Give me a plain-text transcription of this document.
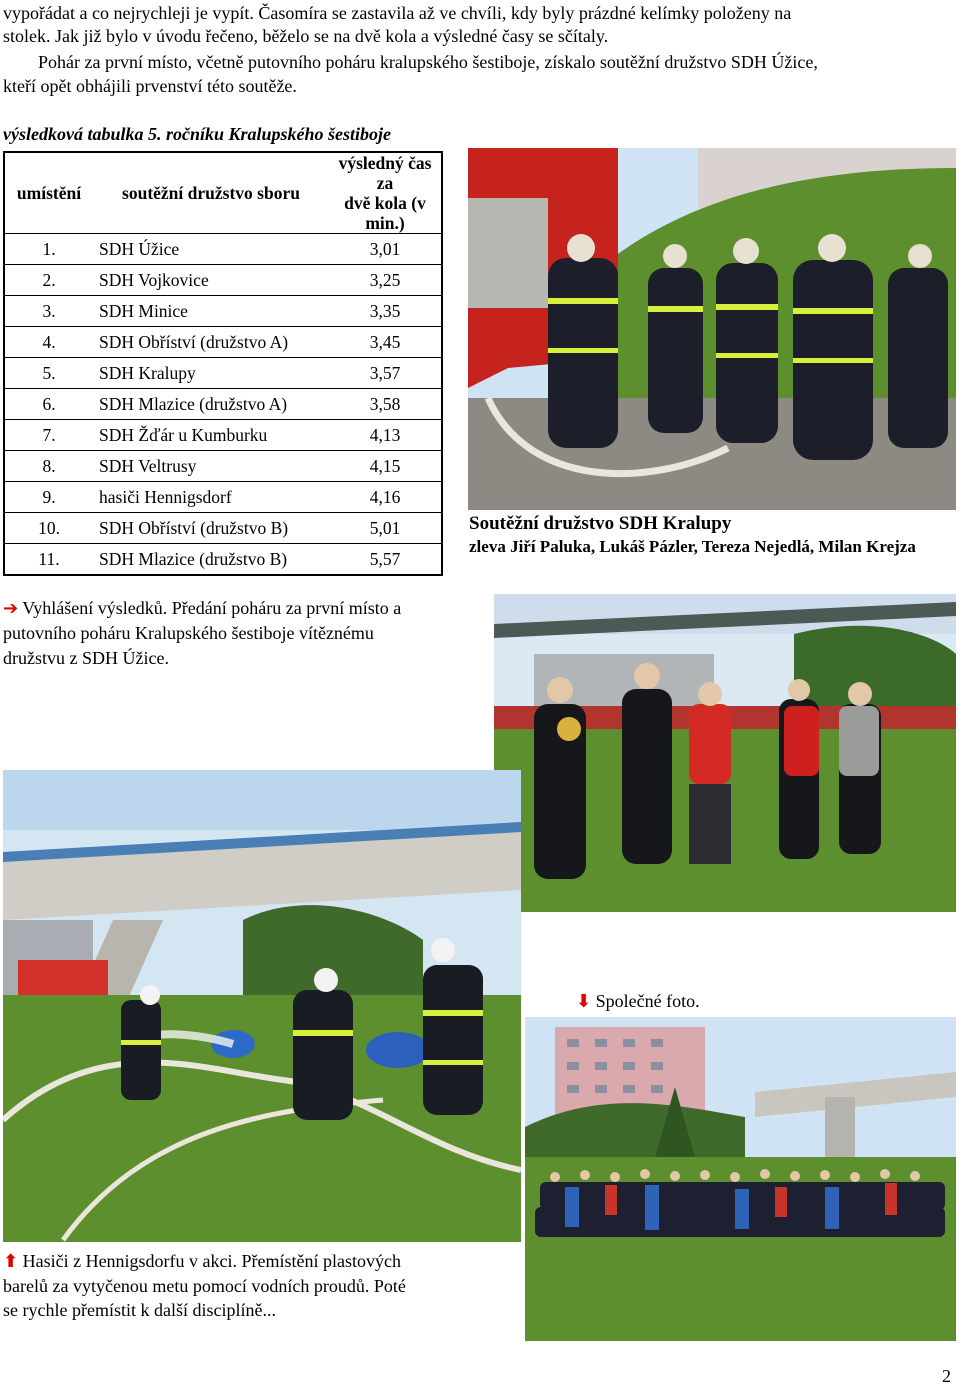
vypořádat a co nejrychleji je vypít. Časomíra se zastavila až ve chvíli, kdy byly prázdné kelímky položeny na
stolek. Jak již bylo v úvodu řečeno, běželo se na dvě kola a výsledné časy se sčítaly.
Pohár za první místo, včetně putovního poháru kralupského šestiboje, získalo soutěžní družstvo SDH Úžice,
kteří opět obhájili prvenství této soutěže.
výsledková tabulka 5. ročníku Kralupského šestiboje
umístění	soutěžní družstvo sboru	výsledný čas za
dvě kola (v min.)
1.	SDH Úžice	3,01
2.	SDH Vojkovice	3,25
3.	SDH Minice	3,35
4.	SDH Obříství (družstvo A)	3,45
5.	SDH Kralupy	3,57
6.	SDH Mlazice (družstvo A)	3,58
7.	SDH Žďár u Kumburku	4,13
8.	SDH Veltrusy	4,15
9.	hasiči Hennigsdorf	4,16
10.	SDH Obříství (družstvo B)	5,01
11.	SDH Mlazice (družstvo B)	5,57
Soutěžní družstvo SDH Kralupy
zleva Jiří Paluka, Lukáš Pázler, Tereza Nejedlá, Milan Krejza
➔ Vyhlášení výsledků. Předání poháru za první místo a
putovního poháru Kralupského šestiboje vítěznému
družstvu z SDH Úžice.
⬇ Společné foto.
⬆ Hasiči z Hennigsdorfu v akci. Přemístění plastových
barelů za vytyčenou metu pomocí vodních proudů. Poté
se rychle přemístit k další disciplíně...
2
